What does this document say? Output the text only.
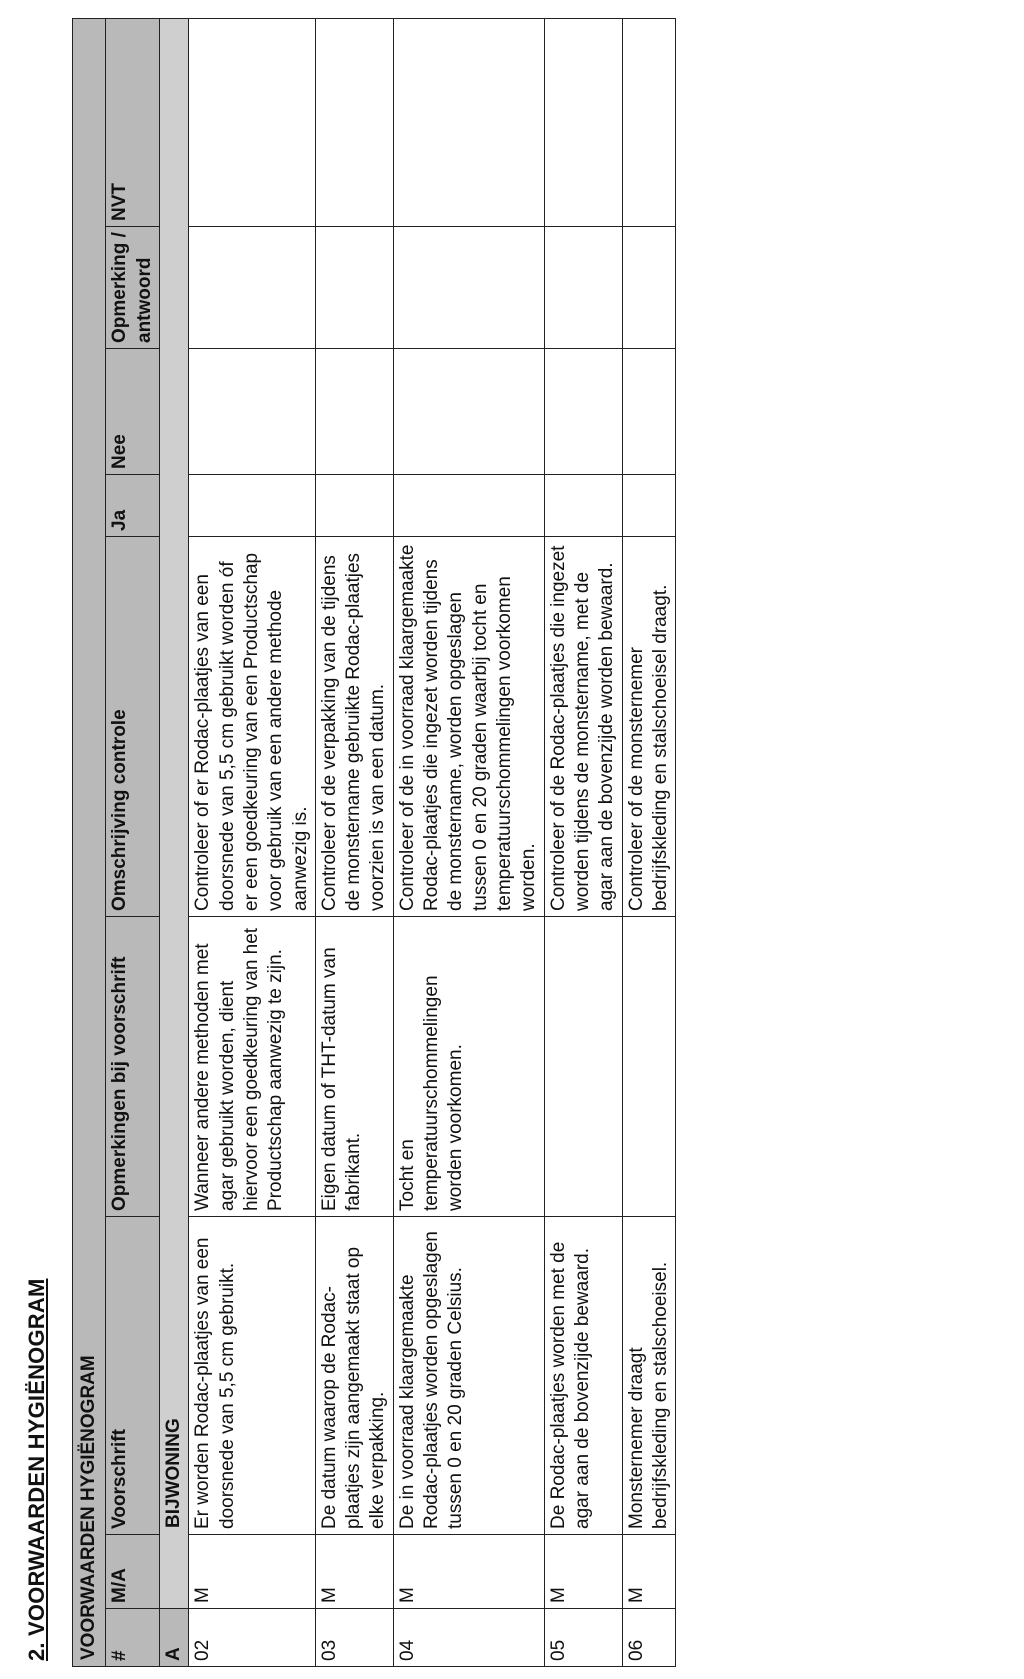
2. VOORWAARDEN HYGIËNOGRAM VOORWAARDEN HYGIËNOGRAM								
#	M/A	Voorschrift	Opmerkingen bij voorschrift	Omschrijving controle	Ja	Nee	Opmerking / antwoord	NVT
A	BIJWONING							
02	M	Er worden Rodac-plaatjes van een doorsnede van 5,5 cm gebruikt.	Wanneer andere methoden met agar gebruikt worden, dient hiervoor een goedkeuring van het Productschap aanwezig te zijn.	Controleer of er Rodac-plaatjes van een doorsnede van 5,5 cm gebruikt worden óf er een goedkeuring van een Productschap voor gebruik van een andere methode aanwezig is.				
03	M	De datum waarop de Rodac-plaatjes zijn aangemaakt staat op elke verpakking.	Eigen datum of THT-datum van fabrikant.	Controleer of de verpakking van de tijdens de monstername gebruikte Rodac-plaatjes voorzien is van een datum.				
04	M	De in voorraad klaargemaakte Rodac-plaatjes worden opgeslagen tussen 0 en 20 graden Celsius.	Tocht en temperatuurschommelingen worden voorkomen.	Controleer of de in voorraad klaargemaakte Rodac-plaatjes die ingezet worden tijdens de monstername, worden opgeslagen tussen 0 en 20 graden waarbij tocht en temperatuurschommelingen voorkomen worden.				
05	M	De Rodac-plaatjes worden met de agar aan de bovenzijde bewaard.		Controleer of de Rodac-plaatjes die ingezet worden tijdens de monstername, met de agar aan de bovenzijde worden bewaard.				
06	M	Monsternemer draagt bedrijfskleding en stalschoeisel.		Controleer of de monsternemer bedrijfskleding en stalschoeisel draagt.				
